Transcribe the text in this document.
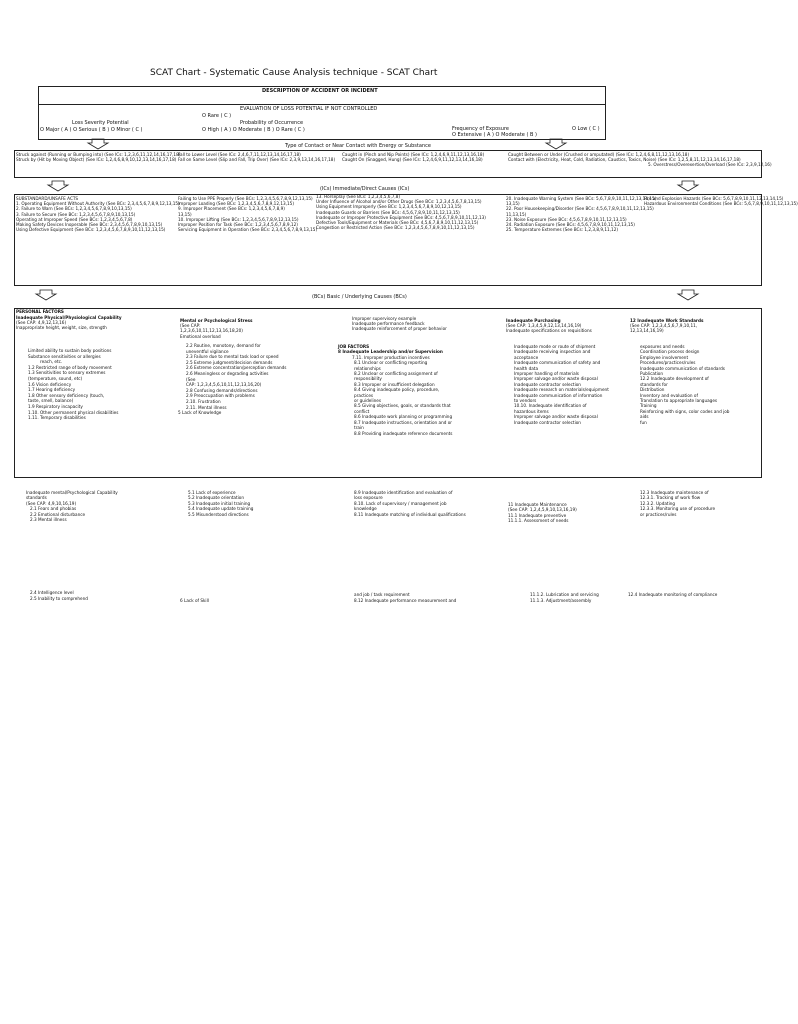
SCAT Chart - Systematic Cause Analysis technique - SCAT Chart
DESCRIPTION OF ACCIDENT OR INCIDENT
EVALUATION OF LOSS POTENTIAL IF NOT CONTROLLED
O Rare ( C )
Loss Severity Potential	Probability of Occurrence
O Major ( A ) O Serious ( B ) O Minor ( C )	O High ( A ) O Moderate ( B ) O Rare ( C )	Frequency of Exposure
O Extensive ( A ) O Moderate ( B )
O Low ( C )
Type of Contact or Near Contact with Energy or Substance
Struck against (Running or Bumping into) (See ICs: 1,2,3,6,11,12,14,16,17,18)
Struck by (Hit by Moving Object) (See ICs: 1,2,4,6,8,9,10,12,13,14,16,17,18)
Fall to Lower Level (See ICs: 2,4,6,7,11,12,13,14,16,17,18)
Fall on Same Level (Slip and Fall, Trip Over) (See ICs: 2,3,9,13,14,16,17,18)
Caught in (Pinch and Nip Points) (See ICs: 1,2,4,6,9,11,12,13,16,18)
Caught On (Snagged, Hung) (See ICs: 1,2,4,6,9,11,12,13,14,16,18)
Caught Between or Under (Crushed or amputated) (See ICs: 1,2,4,6,8,11,12,13,16,18)
Contact with (Electricity, Heat, Cold, Radiation, Caustics, Toxics, Noise) (See ICs: 1,2,5,8,11,12,13,14,16,17,18)
5. Overstress/Overexertion/Overload (See ICs: 2,3,9,12,16)
(ICs) Immediate/Direct Causes (ICs)
SUBSTANDARD/UNSAFE ACTS
1. Operating Equipment Without Authority (See BCs: 2,3,4,5,6,7,8,9,12,13,15)
2. Failure to Warn (See BCs: 1,2,3,4,5,6,7,8,9,10,13,15)
3. Failure to Secure (See BCs: 1,2,3,4,5,6,7,8,9,10,13,15)
Operating at Improper Speed (See BCs: 1,2,3,4,5,6,7,8)
Making Safety Devices Inoperable (See BCs: 2,3,4,5,6,7,8,9,10,13,15)
Using Defective Equipment (See BCs: 1,2,3,4,5,6,7,8,9,10,11,12,13,15)
Failing to Use PPE Properly (See BCs: 1,2,3,4,5,6,7,8,9,12,13,15)
Improper Loading (See BCs: 1,2,3,4,5,6,7,8,9,12,13,15)
9. Improper Placement (See BCs: 1,2,3,4,5,6,7,8,9)
13,15)
10. Improper Lifting (See BCs: 1,2,3,4,5,6,7,8,9,12,13,15)
Improper Position for Task (See BCs: 1,2,3,4,5,6,7,8,9,12)
Servicing Equipment in Operation (See BCs: 2,3,4,5,6,7,8,9,13,15)
13. Horseplay (See BCs: 1,2,3,4,5,6,7,8)
Under Influence of Alcohol and/or Other Drugs (See BCs: 1,2,3,4,5,6,7,8,13,15)
Using Equipment Improperly (See BCs: 1,2,3,4,5,6,7,8,9,10,12,13,15)
Inadequate Guards or Barriers (See BCs: 4,5,6,7,8,9,10,11,12,13,15)
Inadequate or Improper Protective Equipment (See BCs: 4,5,6,7,8,9,10,11,12,13)
Defective Tools/Equipment or Materials (See BCs: 4,5,6,7,8,9,10,11,12,13,15)
Congestion or Restricted Action (See BCs: 1,2,3,4,5,6,7,8,9,10,11,12,13,15)
20. Inadequate Warning System (See BCs: 5,6,7,8,9,10,11,12,13,14,15)
13,15)
22. Poor Housekeeping/Disorder (See BCs: 4,5,6,7,8,9,10,11,12,13,15)
11,13,15)
23. Noise Exposure (See BCs: 4,5,6,7,8,9,10,11,12,13,15)
24. Radiation Exposure (See BCs: 4,5,6,7,8,9,10,11,12,13,15)
25. Temperature Extremes (See BCs: 1,2,3,8,9,11,12)
Fire and Explosion Hazards (See BCs: 5,6,7,8,9,10,11,12,13,14,15)
Hazardous Environmental Conditions (See BCs: 5,6,7,8,9,10,11,12,13,15)
(BCs) Basic / Underlying Causes (BCs)
PERSONAL FACTORS
Inadequate Physical/Physiological Capability
(See CAP: 4,9,12,13,16)
Inappropriate height, weight, size, strength
Limited ability to sustain body positions
Substance sensitivities or allergies
reach, etc.
1.2 Restricted range of body movement
1.3 Sensitivities to sensory extremes
(temperature, sound, etc)
1.6 Vision deficiency
1.7 Hearing deficiency
1.8 Other sensory deficiency (touch,
taste, smell, balance)
1.9 Respiratory incapacity
1.10. Other permanent physical disabilities
1.11. Temporary disabilities
Mental or Psychological Stress
(See CAP:
1,2,3,6,10,11,12,13,16,18,20)
Emotional overload
2.2 Routine, monotony, demand for
uneventful vigilance
2.3 Failure due to mental task load or speed
2.5 Extreme judgment/decision demands
2.6 Extreme concentration/perception demands
2.6 Meaningless or degrading activities
(See
CAP: 1,2,3,4,5,6,10,11,12,13,16,20)
2.8 Confusing demands/directions
2.9 Preoccupation with problems
2.10. Frustration
2.11. Mental illness
5 Lack of Knowledge
Improper supervisory example
Inadequate performance feedback
Inadequate reinforcement of proper behavior
JOB FACTORS
8 Inadequate Leadership and/or Supervision
7.11. Improper production incentives
8.1 Unclear or conflicting reporting
relationships
8.2 Unclear or conflicting assignment of
responsibility
8.3 Improper or insufficient delegation
8.4 Giving inadequate policy, procedure,
practices
or guidelines
8.5 Giving objectives, goals, or standards that
conflict
8.6 Inadequate work planning or programming
8.7 Inadequate instructions, orientation and or
train
8.8 Providing inadequate reference documents
Inadequate Purchasing
(See CAP: 1,3,4,5,9,12,13,14,16,19)
Inadequate specifications on requisitions
Inadequate mode or route of shipment
Inadequate receiving inspection and
acceptance
Inadequate communication of safety and
health data
Improper handling of materials
Improper salvage and/or waste disposal
Inadequate contractor selection
Inadequate research on materials/equipment
Inadequate communication of information
to vendors
10.10. Inadequate identification of
hazardous items
Improper salvage and/or waste disposal
Inadequate contractor selection
12 Inadequate Work Standards
(See CAP: 1,2,3,4,5,6,7,9,10,11,
12,13,14,16,19)
exposures and needs
Coordination process design
Employee involvement
Procedures/practices/rules
Inadequate communication of standards
Publication
12.2 Inadequate development of
standards for
Distribution
Inventory and evaluation of
Translation to appropriate languages
Training
Reinforcing with signs, color codes and job
aids
fun
Inadequate mental/Psychological Capability
standards
(See CAP: 4,9,10,16,19)
2.1 Fears and phobias
2.2 Emotional disturbance
2.3 Mental illness
2.4 Intelligence level
2.5 Inability to comprehend
5.1 Lack of experience
5.2 Inadequate orientation
5.3 Inadequate initial training
5.4 Inadequate update training
5.5 Misunderstood directions
6 Lack of Skill
8.9 Inadequate identification and evaluation of
loss exposure
8.10. Lack of supervisory / management job
knowledge
8.11 Inadequate matching of individual qualifications
and job / task requirement
8.12 Inadequate performance measurement and
11 Inadequate Maintenance
(See CAP: 1,2,4,5,9,10,13,16,19)
11.1 Inadequate preventive
11.1.1. Assessment of needs
11.1.2. Lubrication and servicing
11.1.3. Adjustment/assembly
12.3 Inadequate maintenance of
12.3.1. Tracking of work flow
12.3.2. Updating
12.3.3. Monitoring use of procedure
or practices/rules
12.4 Inadequate monitoring of compliance
